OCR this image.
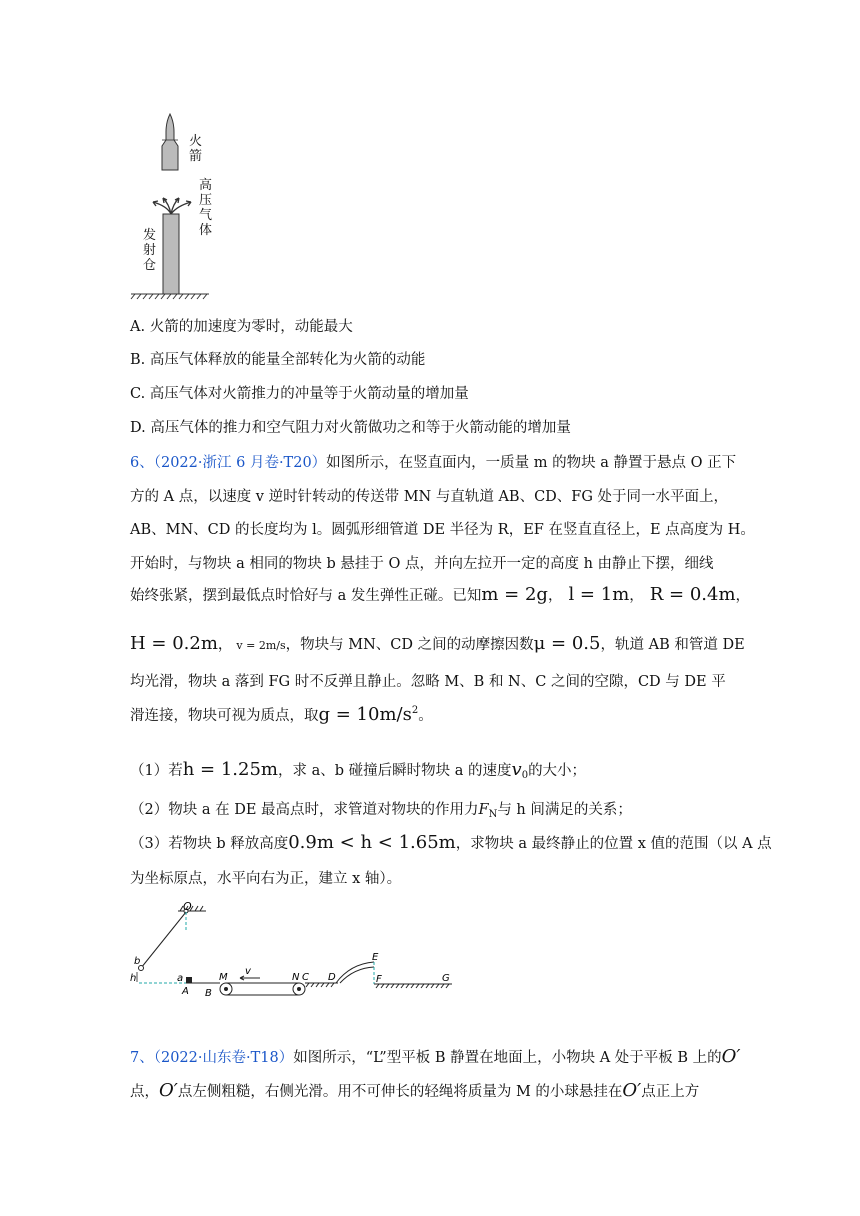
火箭
高压气体
发射仓
A. 火箭的加速度为零时，动能最大
B. 高压气体释放的能量全部转化为火箭的动能
C. 高压气体对火箭推力的冲量等于火箭动量的增加量
D. 高压气体的推力和空气阻力对火箭做功之和等于火箭动能的增加量
6、（2022·浙江 6 月卷·T20）如图所示，在竖直面内，一质量 m 的物块 a 静置于悬点 O 正下
方的 A 点，以速度 v 逆时针转动的传送带 MN 与直轨道 AB、CD、FG 处于同一水平面上，
AB、MN、CD 的长度均为 l。圆弧形细管道 DE 半径为 R，EF 在竖直直径上，E 点高度为 H。
开始时，与物块 a 相同的物块 b 悬挂于 O 点，并向左拉开一定的高度 h 由静止下摆，细线
始终张紧，摆到最低点时恰好与 a 发生弹性正碰。已知m = 2g， l = 1m， R = 0.4m，
H = 0.2m， v = 2m/s，物块与 MN、CD 之间的动摩擦因数μ = 0.5，轨道 AB 和管道 DE
均光滑，物块 a 落到 FG 时不反弹且静止。忽略 M、B 和 N、C 之间的空隙，CD 与 DE 平
滑连接，物块可视为质点，取$g = 10m/s^2$。
（1）若h = 1.25m，求 a、b 碰撞后瞬时物块 a 的速度$v_0$的大小；
（2）物块 a 在 DE 最高点时，求管道对物块的作用力$F_N$与 h 间满足的关系；
（3）若物块 b 释放高度0.9m < h < 1.65m，求物块 a 最终静止的位置 x 值的范围（以 A 点
为坐标原点，水平向右为正，建立 x 轴）。
O
b
h	a
A B
M
v
N C D
E
F	G
7、（2022·山东卷·T18）如图所示，“L”型平板 B 静置在地面上，小物块 A 处于平板 B 上的O′
点，O′点左侧粗糙，右侧光滑。用不可伸长的轻绳将质量为 M 的小球悬挂在O′点正上方
